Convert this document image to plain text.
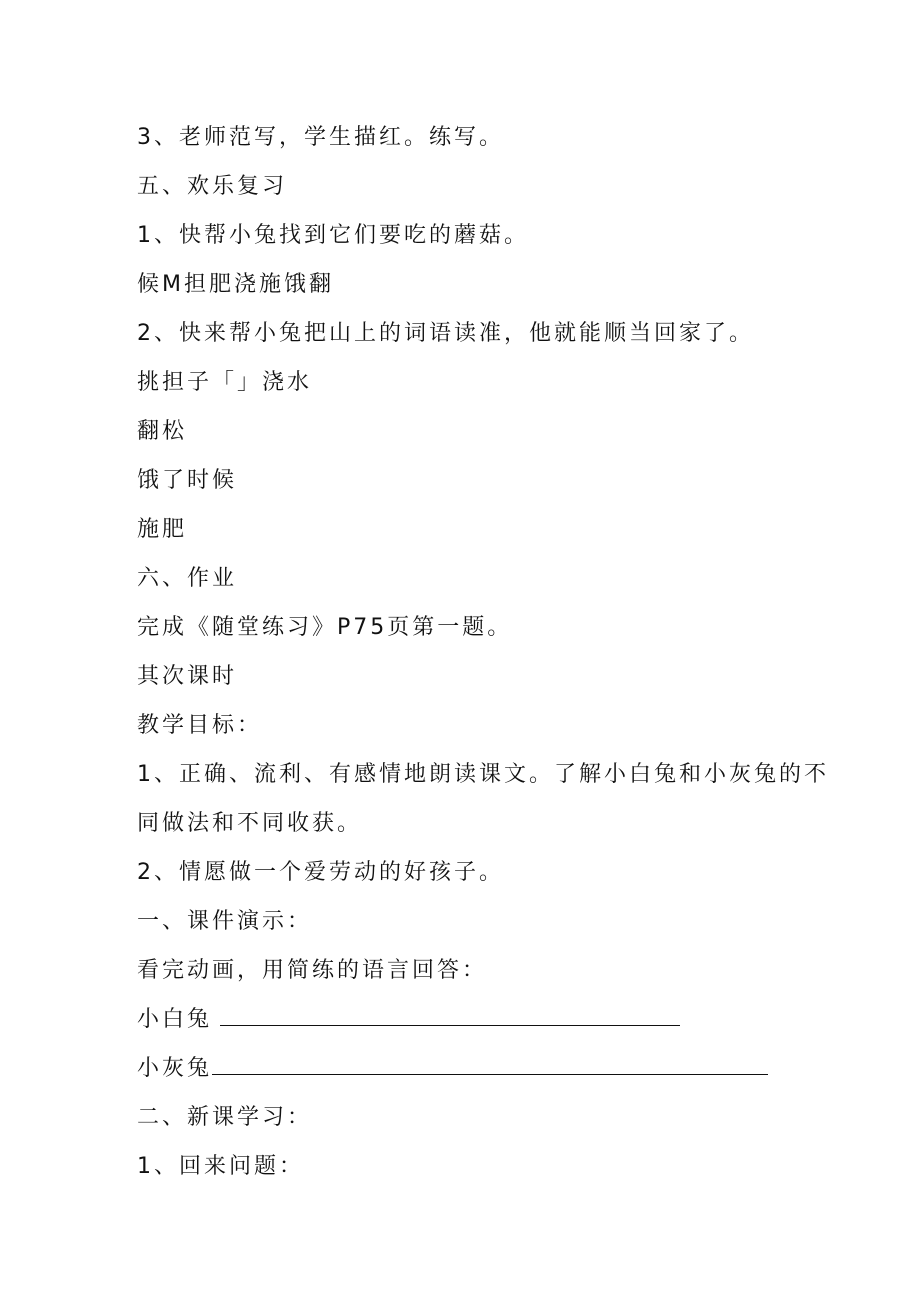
3、老师范写，学生描红。练写。
五、欢乐复习
1、快帮小兔找到它们要吃的蘑菇。
候M担肥浇施饿翻
2、快来帮小兔把山上的词语读准，他就能顺当回家了。
挑担子「」浇水
翻松
饿了时候
施肥
六、作业
完成《随堂练习》P75页第一题。
其次课时
教学目标：
1、正确、流利、有感情地朗读课文。了解小白兔和小灰兔的不
同做法和不同收获。
2、情愿做一个爱劳动的好孩子。
一、课件演示：
看完动画，用简练的语言回答：
小白兔
小灰兔
二、新课学习：
1、回来问题：
